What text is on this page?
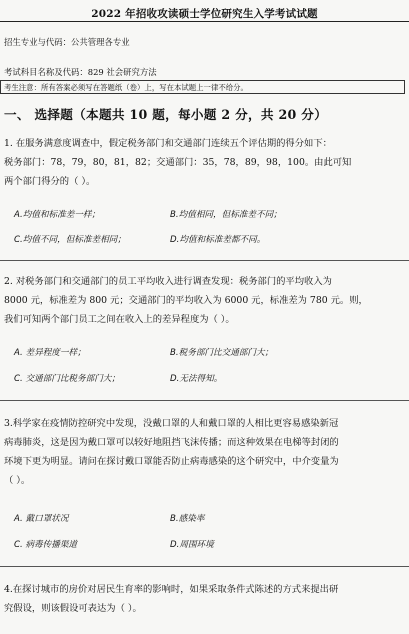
2022 年招收攻读硕士学位研究生入学考试试题
招生专业与代码：公共管理各专业
考试科目名称及代码：829 社会研究方法
考生注意：所有答案必须写在答题纸（卷）上，写在本试题上一律不给分。
一、 选择题（本题共 10 题，每小题 2 分，共 20 分）

1. 在服务满意度调查中，假定税务部门和交通部门连续五个评估期的得分如下：

税务部门：78，79，80，81，82；交通部门：35，78，89，98，100。由此可知

两个部门得分的（ ）。

A.均值和标准差一样；	B.均值相同，但标准差不同；
C.均值不同，但标准差相同；	D.均值和标准差都不同。

2. 对税务部门和交通部门的员工平均收入进行调查发现：税务部门的平均收入为

8000 元，标准差为 800 元；交通部门的平均收入为 6000 元，标准差为 780 元。则，

我们可知两个部门员工之间在收入上的差异程度为（ ）。

A. 差异程度一样；	B.税务部门比交通部门大；
C. 交通部门比税务部门大；	D.无法得知。

3.科学家在疫情防控研究中发现，没戴口罩的人和戴口罩的人相比更容易感染新冠

病毒肺炎，这是因为戴口罩可以较好地阻挡飞沫传播；而这种效果在电梯等封闭的

环境下更为明显。请问在探讨戴口罩能否防止病毒感染的这个研究中，中介变量为

（ ）。

A. 戴口罩状况	B.感染率
C. 病毒传播渠道	D.周围环境

4.在探讨城市的房价对居民生育率的影响时，如果采取条件式陈述的方式来提出研

究假设，则该假设可表达为（ ）。
